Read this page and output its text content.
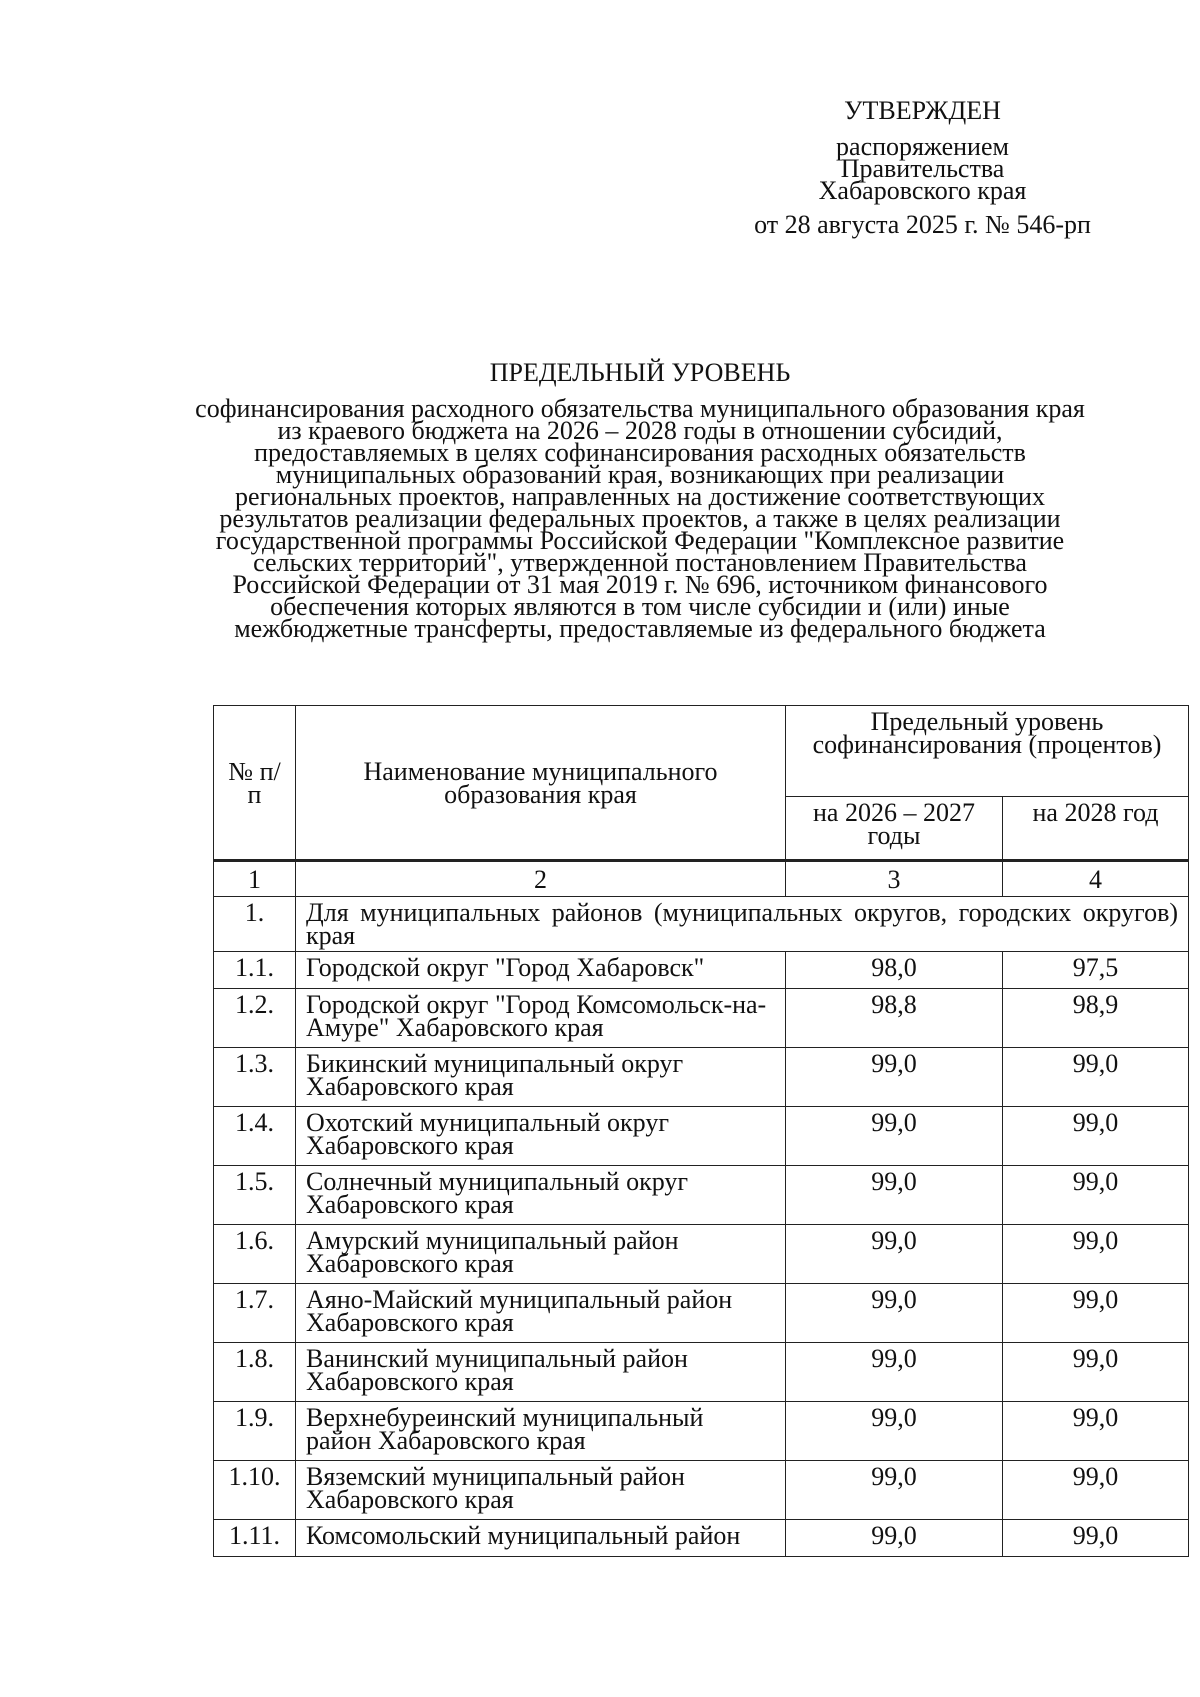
УТВЕРЖДЕН
распоряжением
Правительства
Хабаровского края
от 28 августа 2025 г. № 546-рп
ПРЕДЕЛЬНЫЙ УРОВЕНЬ
софинансирования расходного обязательства муниципального образования края из краевого бюджета на 2026 – 2028 годы в отношении субсидий, предоставляемых в целях софинансирования расходных обязательств муниципальных образований края, возникающих при реализации региональных проектов, направленных на достижение соответствующих результатов реализации федеральных проектов, а также в целях реализации государственной программы Российской Федерации "Комплексное развитие сельских территорий", утвержденной постановлением Правительства Российской Федерации от 31 мая 2019 г. № 696, источником финансового обеспечения которых являются в том числе субсидии и (или) иные межбюджетные трансферты, предоставляемые из федерального бюджета
№ п/п	Наименование муниципального образования края	Предельный уровень софинансирования (процентов)	
		на 2026 – 2027 годы	на 2028 год
1	2	3	4
1.	Для муниципальных районов (муниципальных округов, городских округов) края		
1.1.	Городской округ "Город Хабаровск"	98,0	97,5
1.2.	Городской округ "Город Комсомольск-на-Амуре" Хабаровского края	98,8	98,9
1.3.	Бикинский муниципальный округ Хабаровского края	99,0	99,0
1.4.	Охотский муниципальный округ Хабаровского края	99,0	99,0
1.5.	Солнечный муниципальный округ Хабаровского края	99,0	99,0
1.6.	Амурский муниципальный район Хабаровского края	99,0	99,0
1.7.	Аяно-Майский муниципальный район Хабаровского края	99,0	99,0
1.8.	Ванинский муниципальный район Хабаровского края	99,0	99,0
1.9.	Верхнебуреинский муниципальный район Хабаровского края	99,0	99,0
1.10.	Вяземский муниципальный район Хабаровского края	99,0	99,0
1.11.	Комсомольский муниципальный район	99,0	99,0
